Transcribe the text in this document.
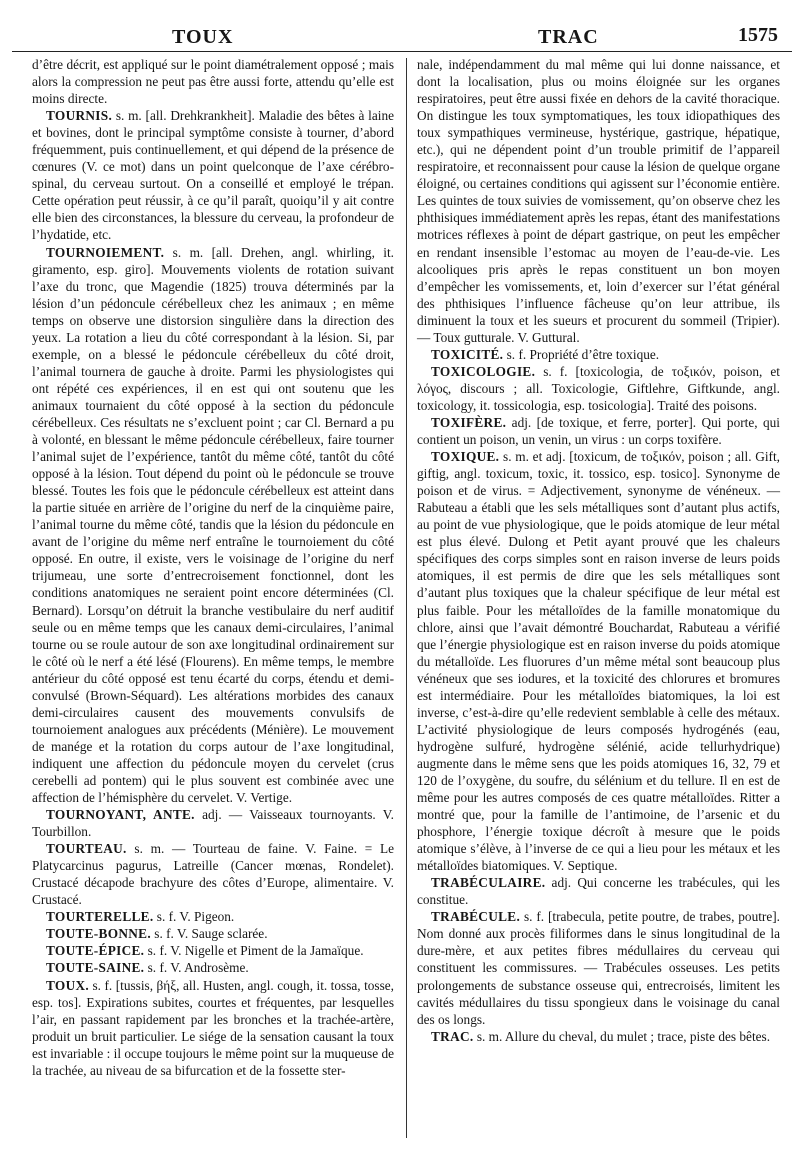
TOUX	TRAC	1575

d’être décrit, est appliqué sur le point diamétralement opposé ; mais alors la compression ne peut pas être aussi forte, attendu qu’elle est moins directe.

TOURNIS. s. m. [all. Drehkrankheit]. Maladie des bêtes à laine et bovines, dont le principal symptôme consiste à tourner, d’abord fréquemment, puis continuellement, et qui dépend de la présence de cœnures (V. ce mot) dans un point quelconque de l’axe cérébro-spinal, du cerveau surtout. On a conseillé et employé le trépan. Cette opération peut réussir, à ce qu’il paraît, quoiqu’il y ait contre elle bien des circonstances, la blessure du cerveau, la profondeur de l’hydatide, etc.

TOURNOIEMENT. s. m. [all. Drehen, angl. whirling, it. giramento, esp. giro]. Mouvements violents de rotation suivant l’axe du tronc, que Magendie (1825) trouva déterminés par la lésion d’un pédoncule cérébelleux chez les animaux ; en même temps on observe une distorsion singulière dans la direction des yeux. La rotation a lieu du côté correspondant à la lésion. Si, par exemple, on a blessé le pédoncule cérébelleux du côté droit, l’animal tournera de gauche à droite. Parmi les physiologistes qui ont répété ces expériences, il en est qui ont soutenu que les animaux tournaient du côté opposé à la section du pédoncule cérébelleux. Ces résultats ne s’excluent point ; car Cl. Bernard a pu à volonté, en blessant le même pédoncule cérébelleux, faire tourner l’animal sujet de l’expérience, tantôt du même côté, tantôt du côté opposé à la lésion. Tout dépend du point où le pédoncule se trouve blessé. Toutes les fois que le pédoncule cérébelleux est atteint dans la partie située en arrière de l’origine du nerf de la cinquième paire, l’animal tourne du même côté, tandis que la lésion du pédoncule en avant de l’origine du même nerf entraîne le tournoiement du côté opposé. En outre, il existe, vers le voisinage de l’origine du nerf trijumeau, une sorte d’entrecroisement fonctionnel, dont les conditions anatomiques ne seraient point encore déterminées (Cl. Bernard). Lorsqu’on détruit la branche vestibulaire du nerf auditif seule ou en même temps que les canaux demi-circulaires, l’animal tourne ou se roule autour de son axe longitudinal ordinairement sur le côté où le nerf a été lésé (Flourens). En même temps, le membre antérieur du côté opposé est tenu écarté du corps, étendu et demi-convulsé (Brown-Séquard). Les altérations morbides des canaux demi-circulaires causent des mouvements convulsifs de tournoiement analogues aux précédents (Ménière). Le mouvement de manége et la rotation du corps autour de l’axe longitudinal, indiquent une affection du pédoncule moyen du cervelet (crus cerebelli ad pontem) qui le plus souvent est combinée avec une affection de l’hémisphère du cervelet. V. Vertige.

TOURNOYANT, ANTE. adj. — Vaisseaux tournoyants. V. Tourbillon.

TOURTEAU. s. m. — Tourteau de faine. V. Faine. = Le Platycarcinus pagurus, Latreille (Cancer mœnas, Rondelet). Crustacé décapode brachyure des côtes d’Europe, alimentaire. V. Crustacé.

TOURTERELLE. s. f. V. Pigeon.

TOUTE-BONNE. s. f. V. Sauge sclarée.

TOUTE-ÉPICE. s. f. V. Nigelle et Piment de la Jamaïque.

TOUTE-SAINE. s. f. V. Androsème.

TOUX. s. f. [tussis, βήξ, all. Husten, angl. cough, it. tossa, tosse, esp. tos]. Expirations subites, courtes et fréquentes, par lesquelles l’air, en passant rapidement par les bronches et la trachée-artère, produit un bruit particulier. Le siége de la sensation causant la toux est invariable : il occupe toujours le même point sur la muqueuse de la trachée, au niveau de sa bifurcation et de la fossette ster-

nale, indépendamment du mal même qui lui donne naissance, et dont la localisation, plus ou moins éloignée sur les organes respiratoires, peut être aussi fixée en dehors de la cavité thoracique. On distingue les toux symptomatiques, les toux idiopathiques des toux sympathiques vermineuse, hystérique, gastrique, hépatique, etc.), qui ne dépendent point d’un trouble primitif de l’appareil respiratoire, et reconnaissent pour cause la lésion de quelque organe éloigné, ou certaines conditions qui agissent sur l’économie entière. Les quintes de toux suivies de vomissement, qu’on observe chez les phthisiques immédiatement après les repas, étant des manifestations motrices réflexes à point de départ gastrique, on peut les empêcher en rendant insensible l’estomac au moyen de l’eau-de-vie. Les alcooliques pris après le repas constituent un bon moyen d’empêcher les vomissements, et, loin d’exercer sur l’état général des phthisiques l’influence fâcheuse qu’on leur attribue, ils diminuent la toux et les sueurs et procurent du sommeil (Tripier). — Toux gutturale. V. Guttural.

TOXICITÉ. s. f. Propriété d’être toxique.

TOXICOLOGIE. s. f. [toxicologia, de τοξικόν, poison, et λόγος, discours ; all. Toxicologie, Giftlehre, Giftkunde, angl. toxicology, it. tossicologia, esp. tosicologia]. Traité des poisons.

TOXIFÈRE. adj. [de toxique, et ferre, porter]. Qui porte, qui contient un poison, un venin, un virus : un corps toxifère.

TOXIQUE. s. m. et adj. [toxicum, de τοξικόν, poison ; all. Gift, giftig, angl. toxicum, toxic, it. tossico, esp. tosico]. Synonyme de poison et de virus. = Adjectivement, synonyme de vénéneux. — Rabuteau a établi que les sels métalliques sont d’autant plus actifs, au point de vue physiologique, que le poids atomique de leur métal est plus élevé. Dulong et Petit ayant prouvé que les chaleurs spécifiques des corps simples sont en raison inverse de leurs poids atomiques, il est permis de dire que les sels métalliques sont d’autant plus toxiques que la chaleur spécifique de leur métal est plus faible. Pour les métalloïdes de la famille monatomique du chlore, ainsi que l’avait démontré Bouchardat, Rabuteau a vérifié que l’énergie physiologique est en raison inverse du poids atomique du métalloïde. Les fluorures d’un même métal sont beaucoup plus vénéneux que ses iodures, et la toxicité des chlorures et bromures est intermédiaire. Pour les métalloïdes biatomiques, la loi est inverse, c’est-à-dire qu’elle redevient semblable à celle des métaux. L’activité physiologique de leurs composés hydrogénés (eau, hydrogène sulfuré, hydrogène sélénié, acide tellurhydrique) augmente dans le même sens que les poids atomiques 16, 32, 79 et 120 de l’oxygène, du soufre, du sélénium et du tellure. Il en est de même pour les autres composés de ces quatre métalloïdes. Ritter a montré que, pour la famille de l’antimoine, de l’arsenic et du phosphore, l’énergie toxique décroît à mesure que le poids atomique s’élève, à l’inverse de ce qui a lieu pour les métaux et les métalloïdes biatomiques. V. Septique.

TRABÉCULAIRE. adj. Qui concerne les trabécules, qui les constitue.

TRABÉCULE. s. f. [trabecula, petite poutre, de trabes, poutre]. Nom donné aux procès filiformes dans le sinus longitudinal de la dure-mère, et aux petites fibres médullaires du cerveau qui constituent les commissures. — Trabécules osseuses. Les petits prolongements de substance osseuse qui, entrecroisés, limitent les cavités médullaires du tissu spongieux dans le voisinage du canal des os longs.

TRAC. s. m. Allure du cheval, du mulet ; trace, piste des bêtes.
